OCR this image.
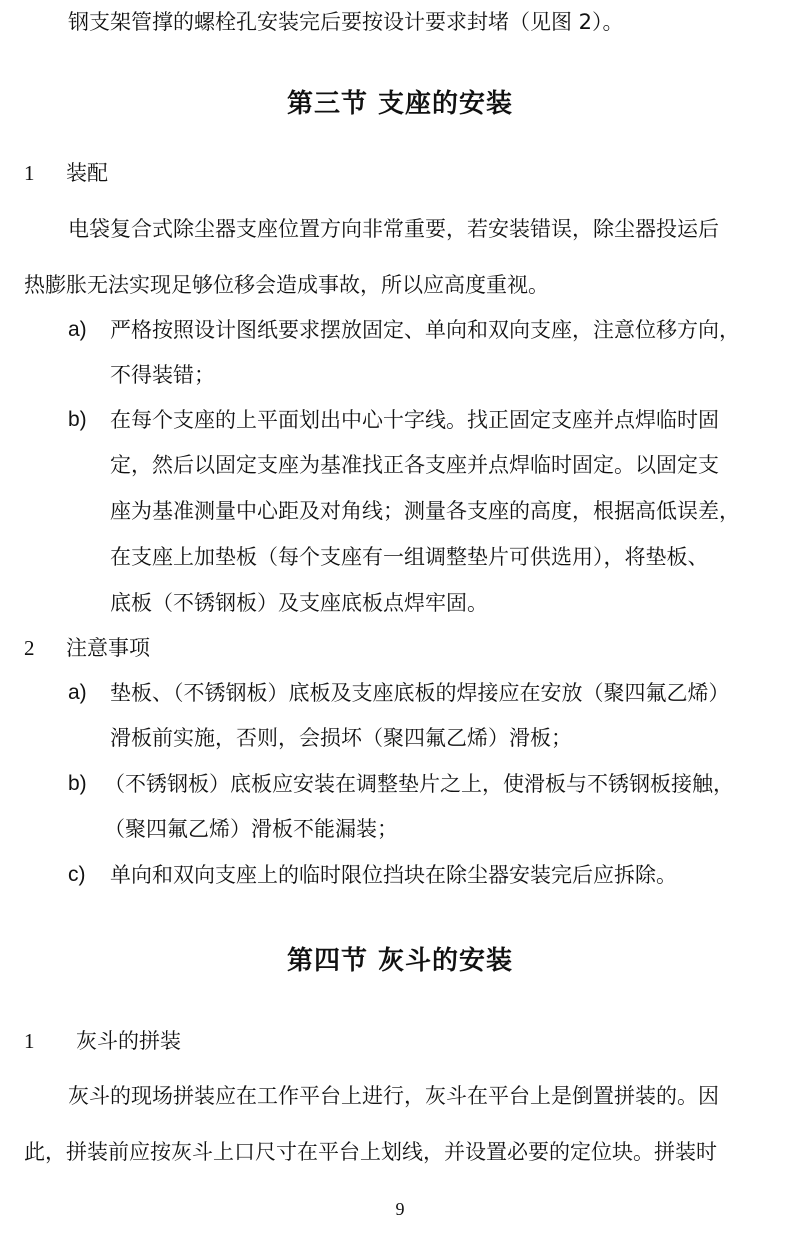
钢支架管撑的螺栓孔安装完后要按设计要求封堵（见图 2）。
第三节 支座的安装
1 装配
电袋复合式除尘器支座位置方向非常重要，若安装错误，除尘器投运后
热膨胀无法实现足够位移会造成事故，所以应高度重视。
a) 严格按照设计图纸要求摆放固定、单向和双向支座，注意位移方向，
不得装错；
b) 在每个支座的上平面划出中心十字线。找正固定支座并点焊临时固
定，然后以固定支座为基准找正各支座并点焊临时固定。以固定支
座为基准测量中心距及对角线；测量各支座的高度，根据高低误差，
在支座上加垫板（每个支座有一组调整垫片可供选用），将垫板、
底板（不锈钢板）及支座底板点焊牢固。
2 注意事项
a) 垫板、（不锈钢板）底板及支座底板的焊接应在安放（聚四氟乙烯）
滑板前实施，否则，会损坏（聚四氟乙烯）滑板；
b) （不锈钢板）底板应安装在调整垫片之上，使滑板与不锈钢板接触，
（聚四氟乙烯）滑板不能漏装；
c) 单向和双向支座上的临时限位挡块在除尘器安装完后应拆除。
第四节 灰斗的安装
1 灰斗的拼装
灰斗的现场拼装应在工作平台上进行，灰斗在平台上是倒置拼装的。因
此，拼装前应按灰斗上口尺寸在平台上划线，并设置必要的定位块。拼装时
9
